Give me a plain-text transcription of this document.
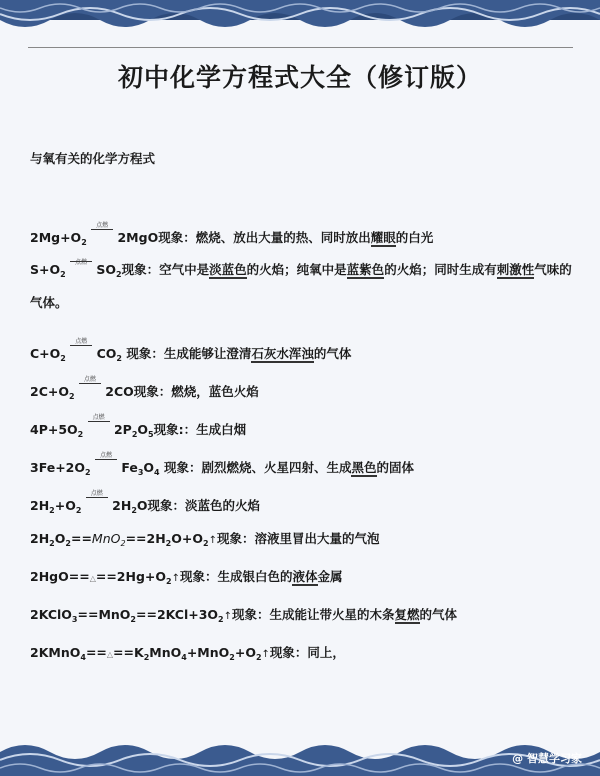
初中化学方程式大全（修订版）
与氧有关的化学方程式
$2Mg+O_2$
点燃
2MgO现象：燃烧、放出大量的热、同时放出耀眼的白光
$S+O_2$
点燃 $SO_2$现象：空气中是淡蓝色的火焰；纯氧中是蓝紫色的火焰；同时生成有刺激性气味的气体。
$C+O_2$
点燃
$CO_2$ 现象：生成能够让澄清石灰水浑浊的气体
$2C+O_2$
点燃
2CO现象：燃烧，蓝色火焰
$4P+5O_2$
点燃
$2P_2O_5$现象:：生成白烟
$3Fe+2O_2$
点燃
$Fe_3O_4$ 现象：剧烈燃烧、火星四射、生成黑色的固体
$2H_2+O_2$
点燃
$2H_2O$现象：淡蓝色的火焰
$2H_2O_2==MnO_2==2H_2O+O_2↑$现象：溶液里冒出大量的气泡
$2HgO==\triangle==2Hg+O_2↑$现象：生成银白色的液体金属
$2KClO_3==MnO_2==2KCl+3O_2↑$现象：生成能让带火星的木条复燃的气体
$2KMnO_4==\triangle==K_2MnO_4+MnO_2+O_2↑$现象：同上，
@ 智慧学习家
